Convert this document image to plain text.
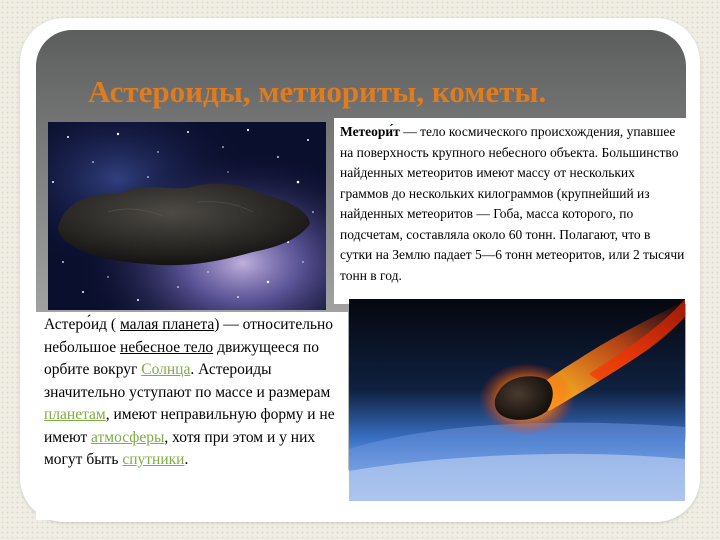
Астероиды, метиориты, кометы.

Метеори́т — тело космического происхождения, упавшее на поверхность крупного небесного объекта. Большинство найденных метеоритов имеют массу от нескольких граммов до нескольких килограммов (крупнейший из найденных метеоритов — Гоба, масса которого, по подсчетам, составляла около 60 тонн. Полагают, что в сутки на Землю падает 5—6 тонн метеоритов, или 2 тысячи тонн в год.

Астеро́ид ( малая планета) — относительно небольшое небесное тело движущееся по орбите вокруг Солнца. Астероиды значительно уступают по массе и размерам планетам, имеют неправильную форму и не имеют атмосферы, хотя при этом и у них могут быть спутники.
